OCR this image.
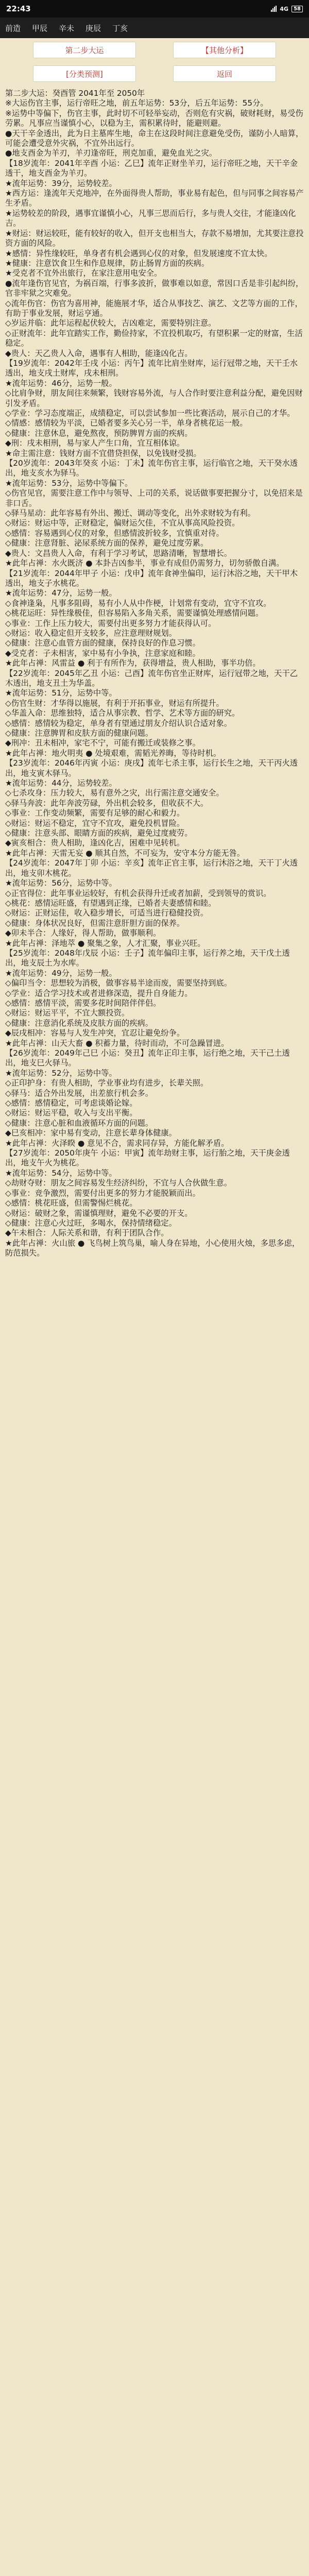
22:43	4G	58
前造 甲辰 辛未 庚辰 丁亥
第二步大运	【其他分析】
[分类预测]	返回

第二步大运：癸酉管 2041年至 2050年

※大运伤官主事，运行帝旺之地，前五年运势：53分，后五年运势：55分。

※运势中等偏下，伤官主事，此时切不可轻举妄动，否则危有灾祸，破财耗财，易受伤劳累。凡事应当谨慎小心，以稳为主，需积累待时，能避则避。

●天干辛金透出，此为日主墓库生地，命主在这段时间注意避免受伤，谨防小人暗算，可能会遭受意外灾祸，不宜外出远行。

●地支酉金为羊刃，羊刃逢帝旺，刑克加重，避免血光之灾。

【18岁流年：2041年辛酉 小运：乙巳】流年正财坐羊刃，运行帝旺之地，天干辛金透干，地支酉金为羊刃。

★流年运势：39分，运势较差。

★西方运：逢流年天克地冲，在外面得贵人帮助，事业易有起色，但与同事之间容易产生矛盾。

★运势较差的阶段，遇事宜谨慎小心，凡事三思而后行，多与贵人交往，才能逢凶化吉。

★财运：财运较旺，能有较好的收入，但开支也相当大，存款不易增加，尤其要注意投资方面的风险。

★感情：异性缘较旺，单身者有机会遇到心仪的对象，但发展速度不宜太快。

★健康：注意饮食卫生和作息规律，防止肠胃方面的疾病。

★受克者不宜外出旅行，在家注意用电安全。

●流年逢伤官见官，为祸百端，行事多波折，做事难以如意，常因口舌是非引起纠纷，官非牢狱之灾难免。

◇流年伤官：伤官为喜用神，能施展才华，适合从事技艺、演艺、文艺等方面的工作，有助于事业发展，财运亨通。

◇岁运并临：此年运程起伏较大，吉凶难定，需要特别注意。

◇正财流年：此年宜踏实工作，勤俭持家，不宜投机取巧，有望积累一定的财富，生活稳定。

◆贵人：天乙贵人入命，遇事有人相助，能逢凶化吉。

【19岁流年：2042年壬戌 小运：丙午】流年比肩坐财库，运行冠带之地，天干壬水透出，地支戌土财库，戌未相刑。

★流年运势：46分，运势一般。

◇比肩争财，朋友间往来频繁，钱财容易外流，与人合作时要注意利益分配，避免因财引发矛盾。

◇学业：学习态度端正，成绩稳定，可以尝试参加一些比赛活动，展示自己的才华。

◇情感：感情较为平淡，已婚者要多关心另一半，单身者桃花运一般。

◇健康：注意休息，避免熬夜，预防脾胃方面的疾病。

◆刑：戌未相刑，易与家人产生口角，宜互相体谅。

★命主需注意：钱财方面不宜借贷担保，以免钱财受损。

【20岁流年：2043年癸亥 小运：丁未】流年伤官主事，运行临官之地，天干癸水透出，地支亥水为驿马。

★流年运势：53分，运势中等偏下。

◇伤官见官，需要注意工作中与领导、上司的关系，说话做事要把握分寸，以免招来是非口舌。

◇驿马星动：此年容易有外出、搬迁、调动等变化，出外求财较为有利。

◇财运：财运中等，正财稳定，偏财运欠佳，不宜从事高风险投资。

◇感情：容易遇到心仪的对象，但感情波折较多，宜慎重对待。

◇健康：注意肾脏、泌尿系统方面的保养，避免过度劳累。

◆贵人：文昌贵人入命，有利于学习考试，思路清晰，智慧增长。

★此年占禅：水火既济 ● 本卦吉凶参半，事业有成但仍需努力，切勿骄傲自满。

【21岁流年：2044年甲子 小运：戊申】流年食神坐偏印，运行沐浴之地，天干甲木透出，地支子水桃花。

★流年运势：47分，运势一般。

◇食神逢枭，凡事多阻碍，易有小人从中作梗，计划常有变动，宜守不宜攻。

◇桃花运旺：异性缘极佳，但容易陷入多角关系，需要谨慎处理感情问题。

◇事业：工作上压力较大，需要付出更多努力才能获得认可。

◇财运：收入稳定但开支较多，应注意理财规划。

◇健康：注意心血管方面的健康，保持良好的作息习惯。

◆受克者：子未相害，家中易有小争执，注意家庭和睦。

★此年占禅：风雷益 ● 利于有所作为，获得增益，贵人相助，事半功倍。

【22岁流年：2045年乙丑 小运：己酉】流年伤官坐正财库，运行冠带之地，天干乙木透出，地支丑土为华盖。

★流年运势：51分，运势中等。

◇伤官生财：才华得以施展，有利于开拓事业，财运有所提升。

◇华盖入命：思维独特，适合从事宗教、哲学、艺术等方面的研究。

◇感情：感情较为稳定，单身者有望通过朋友介绍认识合适对象。

◇健康：注意脾胃和皮肤方面的健康问题。

◆刑冲：丑未相冲，家宅不宁，可能有搬迁或装修之事。

★此年占禅：地火明夷 ● 处境艰难，需韬光养晦，等待时机。

【23岁流年：2046年丙寅 小运：庚戌】流年七杀主事，运行长生之地，天干丙火透出，地支寅木驿马。

★流年运势：44分，运势较差。

◇七杀攻身：压力较大，易有意外之灾，出行需注意交通安全。

◇驿马奔波：此年奔波劳碌，外出机会较多，但收获不大。

◇事业：工作变动频繁，需要有足够的耐心和毅力。

◇财运：财运不稳定，宜守不宜攻，避免投机冒险。

◇健康：注意头部、眼睛方面的疾病，避免过度疲劳。

◆寅亥相合：贵人相助，逢凶化吉，困难中见转机。

★此年占禅：天雷无妄 ● 顺其自然，不可妄为，安守本分方能无咎。

【24岁流年：2047年丁卯 小运：辛亥】流年正官主事，运行沐浴之地，天干丁火透出，地支卯木桃花。

★流年运势：56分，运势中等。

◇正官得位：此年事业运较好，有机会获得升迁或者加薪，受到领导的赏识。

◇桃花：感情运旺盛，有望遇到正缘，已婚者夫妻感情和睦。

◇财运：正财运佳，收入稳步增长，可适当进行稳健投资。

◇健康：身体状况良好，但需注意肝胆方面的保养。

◆卯未半合：人缘好，得人帮助，做事顺利。

★此年占禅：泽地萃 ● 聚集之象，人才汇聚，事业兴旺。

【25岁流年：2048年戊辰 小运：壬子】流年偏印主事，运行养之地，天干戊土透出，地支辰土为水库。

★流年运势：49分，运势一般。

◇偏印当令：思想较为消极，做事容易半途而废，需要坚持到底。

◇学业：适合学习技术或者进修深造，提升自身能力。

◇感情：感情平淡，需要多花时间陪伴伴侣。

◇财运：财运平平，不宜大额投资。

◇健康：注意消化系统及皮肤方面的疾病。

◆辰戌相冲：容易与人发生冲突，宜忍让避免纷争。

★此年占禅：山天大畜 ● 积蓄力量，待时而动，不可急躁冒进。

【26岁流年：2049年己巳 小运：癸丑】流年正印主事，运行绝之地，天干己土透出，地支巳火驿马。

★流年运势：52分，运势中等。

◇正印护身：有贵人相助，学业事业均有进步，长辈关照。

◇驿马：适合外出发展，出差旅行机会多。

◇感情：感情稳定，可考虑谈婚论嫁。

◇财运：财运平稳，收入与支出平衡。

◇健康：注意心脏和血液循环方面的问题。

◆巳亥相冲：家中易有变动，注意长辈身体健康。

★此年占禅：火泽睽 ● 意见不合，需求同存异，方能化解矛盾。

【27岁流年：2050年庚午 小运：甲寅】流年劫财主事，运行胎之地，天干庚金透出，地支午火为桃花。

★流年运势：54分，运势中等。

◇劫财夺财：朋友之间容易发生经济纠纷，不宜与人合伙做生意。

◇事业：竞争激烈，需要付出更多的努力才能脱颖而出。

◇感情：桃花旺盛，但需警惕烂桃花。

◇财运：破财之象，需谨慎理财，避免不必要的开支。

◇健康：注意心火过旺，多喝水，保持情绪稳定。

◆午未相合：人际关系和谐，有利于团队合作。

★此年占禅：火山旅 ● 飞鸟树上筑鸟巢，喻人身在异地，小心使用火烛，多思多虑，防范损失。
